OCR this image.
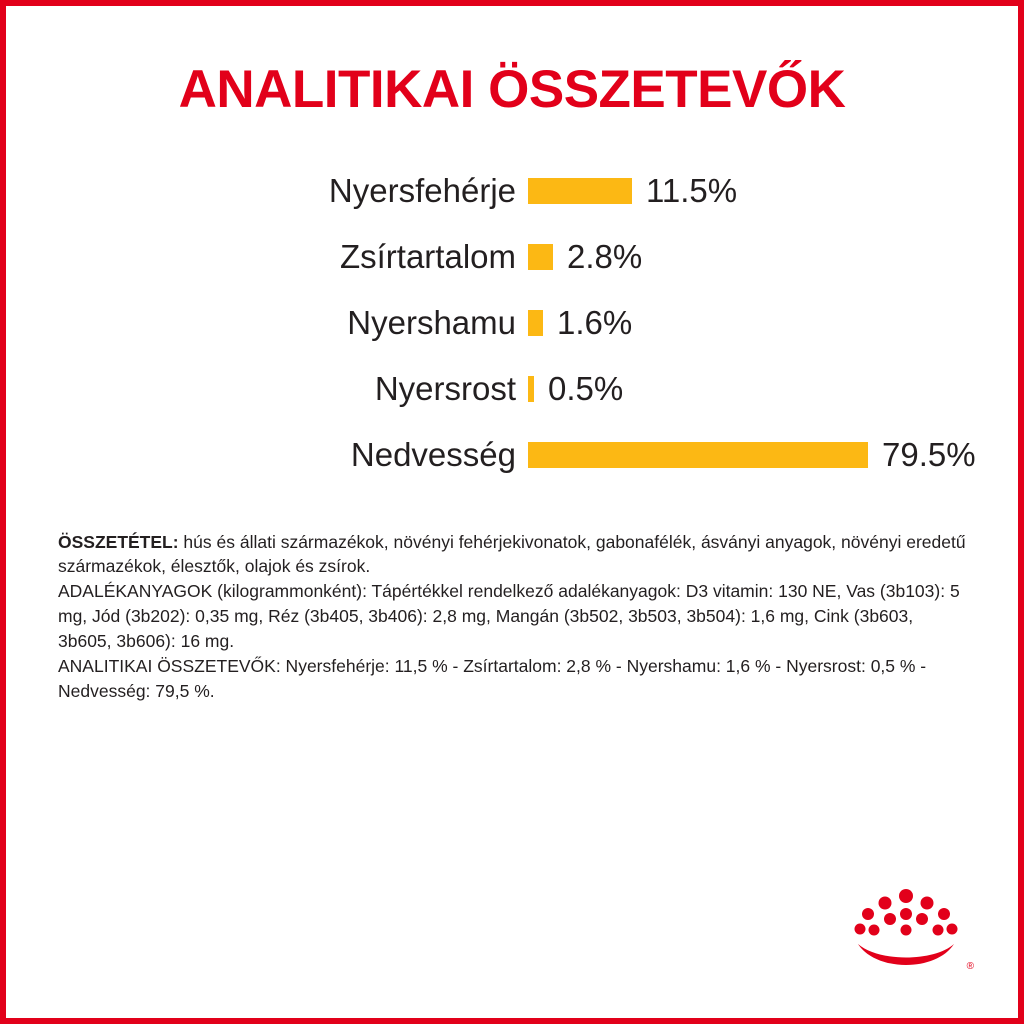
ANALITIKAI ÖSSZETEVŐK
Nyersfehérje	11.5%
Zsírtartalom	2.8%
Nyershamu	1.6%
Nyersrost 0.5%
Nedvesség	79.5%

ÖSSZETÉTEL: hús és állati származékok, növényi fehérjekivonatok, gabonafélék, ásványi anyagok, növényi eredetű származékok, élesztők, olajok és zsírok.

ADALÉKANYAGOK (kilogrammonként): Tápértékkel rendelkező adalékanyagok: D3 vitamin: 130 NE, Vas (3b103): 5 mg, Jód (3b202): 0,35 mg, Réz (3b405, 3b406): 2,8 mg, Mangán (3b502, 3b503, 3b504): 1,6 mg, Cink (3b603, 3b605, 3b606): 16 mg.

ANALITIKAI ÖSSZETEVŐK: Nyersfehérje: 11,5 % - Zsírtartalom: 2,8 % - Nyershamu: 1,6 % - Nyersrost: 0,5 % - Nedvesség: 79,5 %.

®
